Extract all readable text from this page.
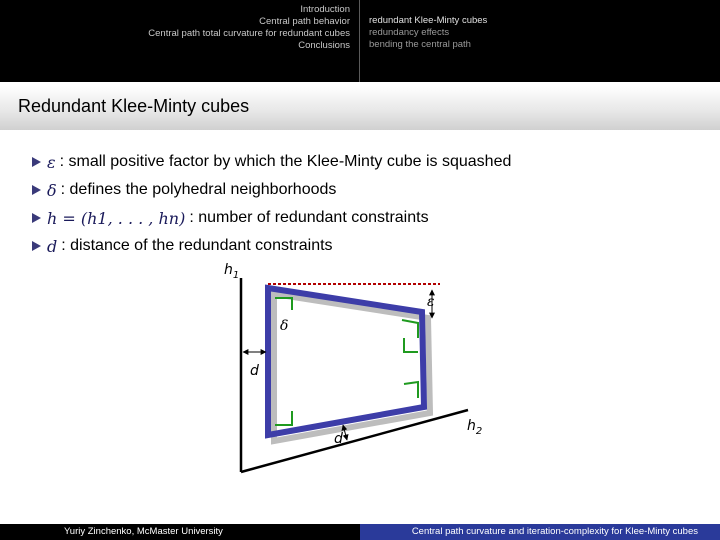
Introduction
Central path behavior
Central path total curvature for redundant cubes
Conclusions
redundant Klee-Minty cubes
redundancy effects
bending the central path
Redundant Klee-Minty cubes
ε : small positive factor by which the Klee-Minty cube is squashed
δ : defines the polyhedral neighborhoods
h = (h1, . . . , hn) : number of redundant constraints
d : distance of the redundant constraints
$h_1$
$h_2$
ε
δ
d
d
Yuriy Zinchenko, McMaster University	Central path curvature and iteration-complexity for Klee-Minty cubes
